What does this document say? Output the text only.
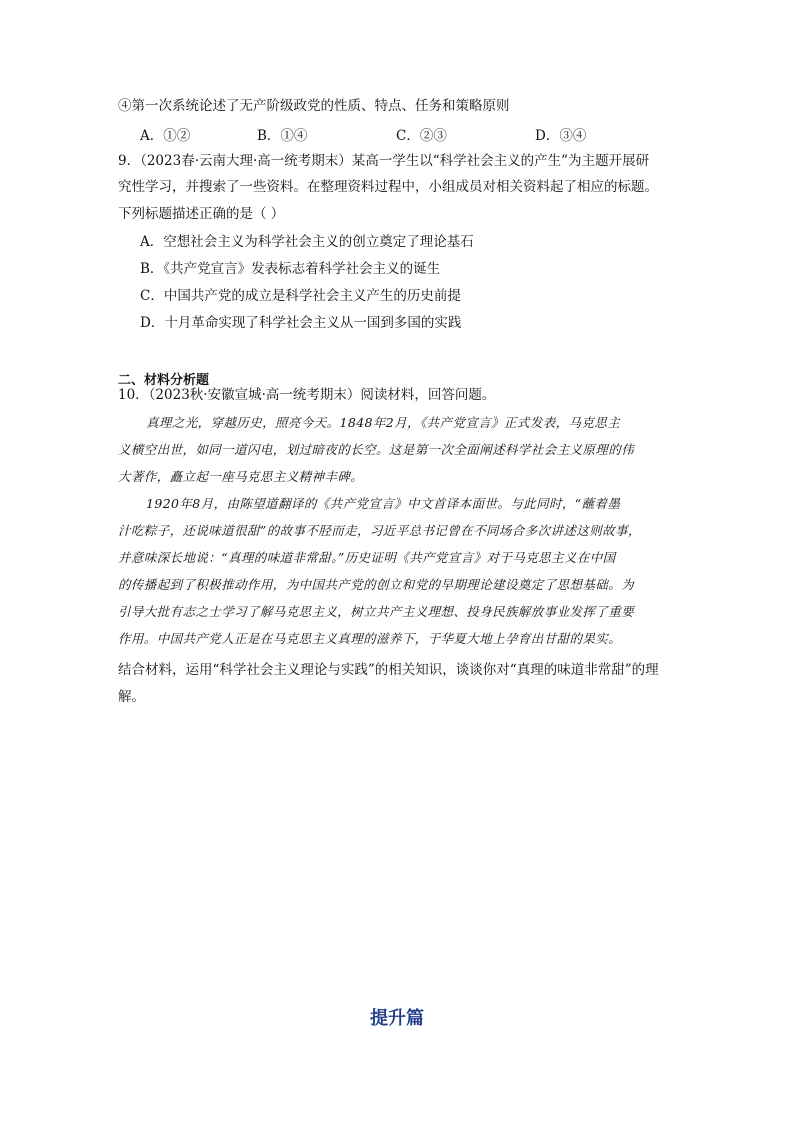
④第一次系统论述了无产阶级政党的性质、特点、任务和策略原则
A．①②	B．①④	C．②③	D．③④
9．（2023春·云南大理·高一统考期末）某高一学生以“科学社会主义的产生”为主题开展研
究性学习，并搜索了一些资料。在整理资料过程中，小组成员对相关资料起了相应的标题。
下列标题描述正确的是（ ）
A．空想社会主义为科学社会主义的创立奠定了理论基石
B．《共产党宣言》发表标志着科学社会主义的诞生
C．中国共产党的成立是科学社会主义产生的历史前提
D．十月革命实现了科学社会主义从一国到多国的实践
二、材料分析题
10．（2023秋·安徽宣城·高一统考期末）阅读材料，回答问题。
真理之光，穿越历史，照亮今天。1848年2月，《共产党宣言》正式发表，马克思主
义横空出世，如同一道闪电，划过暗夜的长空。这是第一次全面阐述科学社会主义原理的伟
大著作，矗立起一座马克思主义精神丰碑。
1920年8月，由陈望道翻译的《共产党宣言》中文首译本面世。与此同时，“蘸着墨
汁吃粽子，还说味道很甜”的故事不胫而走，习近平总书记曾在不同场合多次讲述这则故事，
并意味深长地说：“真理的味道非常甜。”历史证明《共产党宣言》对于马克思主义在中国
的传播起到了积极推动作用，为中国共产党的创立和党的早期理论建设奠定了思想基础。为
引导大批有志之士学习了解马克思主义，树立共产主义理想、投身民族解放事业发挥了重要
作用。中国共产党人正是在马克思主义真理的滋养下，于华夏大地上孕育出甘甜的果实。
结合材料，运用“科学社会主义理论与实践”的相关知识，谈谈你对“真理的味道非常甜”的理
解。
提升篇
